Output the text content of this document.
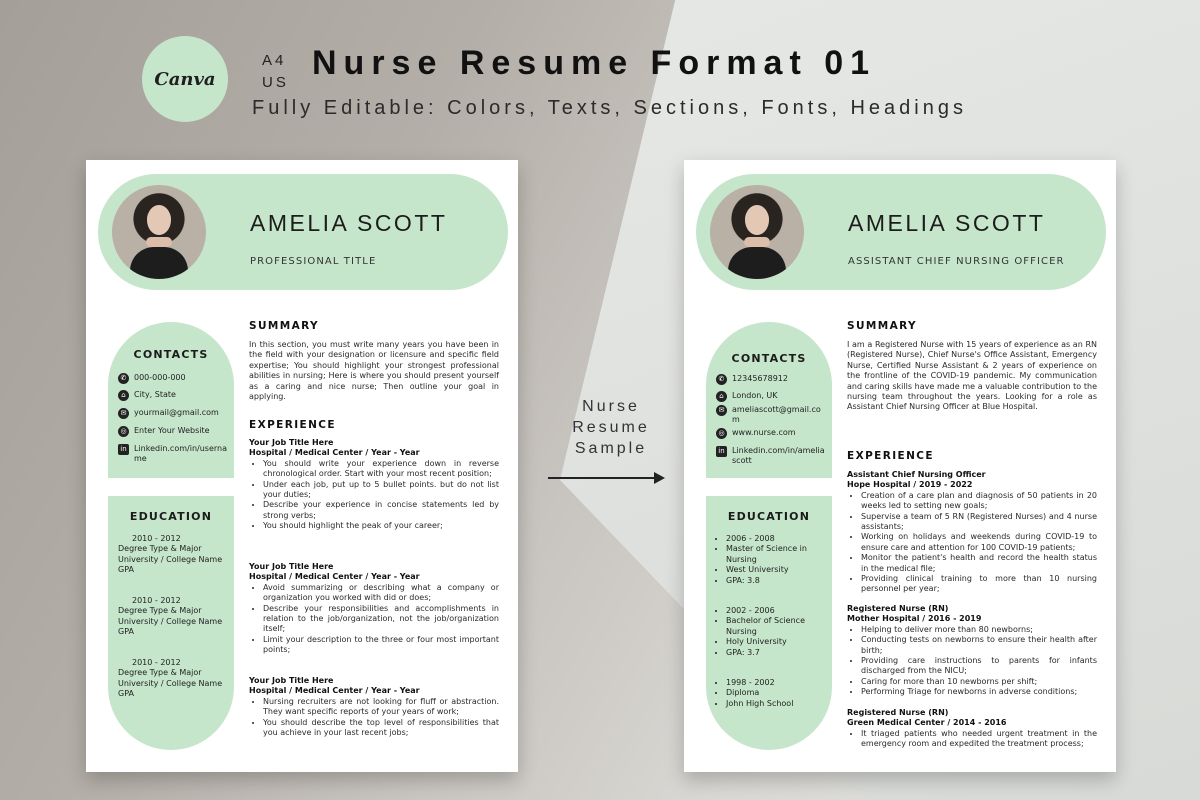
Canva
A4
US
Nurse Resume Format 01
Fully Editable: Colors, Texts, Sections, Fonts, Headings
AMELIA SCOTT
PROFESSIONAL TITLE
CONTACTS
✆ 000-000-000
⌂	City, State
✉ yourmail@gmail.com
◎ Enter Your Website
in Linkedin.com/in/username
EDUCATION
2010 - 2012
Degree Type & Major University / College Name GPA
2010 - 2012
Degree Type & Major University / College Name GPA
2010 - 2012
Degree Type & Major University / College Name GPA
SUMMARY
In this section, you must write many years you have been in the field with your designation or licensure and specific field expertise; You should highlight your strongest professional abilities in nursing; Here is where you should present yourself as a caring and nice nurse; Then outline your goal in applying.
EXPERIENCE
Your Job Title Here
Hospital / Medical Center / Year - Year
• You should write your experience down in reverse chronological order. Start with your most recent position;
• Under each job, put up to 5 bullet points. but do not list your duties;
• Describe your experience in concise statements led by strong verbs;
• You should highlight the peak of your career;
Your Job Title Here
Hospital / Medical Center / Year - Year
• Avoid summarizing or describing what a company or organization you worked with did or does;
• Describe your responsibilities and accomplishments in relation to the job/organization, not the job/organization itself;
• Limit your description to the three or four most important points;
Your Job Title Here
Hospital / Medical Center / Year - Year
• Nursing recruiters are not looking for fluff or abstraction. They want specific reports of your years of work;
• You should describe the top level of responsibilities that you achieve in your last recent jobs;
Nurse
Resume
Sample
AMELIA SCOTT
ASSISTANT CHIEF NURSING OFFICER
CONTACTS
✆ 12345678912
⌂	London, UK
✉ ameliascott@gmail.com
◎ www.nurse.com
in Linkedin.com/in/ameliascott
EDUCATION
• 2006 - 2008
• Master of Science in Nursing
• West University
• GPA: 3.8
• 2002 - 2006
• Bachelor of Science Nursing
• Holy University
• GPA: 3.7
• 1998 - 2002
• Diploma
• John High School
SUMMARY
I am a Registered Nurse with 15 years of experience as an RN (Registered Nurse), Chief Nurse's Office Assistant, Emergency Nurse, Certified Nurse Assistant & 2 years of experience on the frontline of the COVID-19 pandemic. My communication and caring skills have made me a valuable contribution to the nursing team throughout the years. Looking for a role as Assistant Chief Nursing Officer at Blue Hospital.
EXPERIENCE
Assistant Chief Nursing Officer
Hope Hospital / 2019 - 2022
• Creation of a care plan and diagnosis of 50 patients in 20 weeks led to setting new goals;
• Supervise a team of 5 RN (Registered Nurses) and 4 nurse assistants;
• Working on holidays and weekends during COVID-19 to ensure care and attention for 100 COVID-19 patients;
• Monitor the patient's health and record the health status in the medical file;
• Providing clinical training to more than 10 nursing personnel per year;
Registered Nurse (RN)
Mother Hospital / 2016 - 2019
• Helping to deliver more than 80 newborns;
• Conducting tests on newborns to ensure their health after birth;
• Providing care instructions to parents for infants discharged from the NICU;
• Caring for more than 10 newborns per shift;
• Performing Triage for newborns in adverse conditions;
Registered Nurse (RN)
Green Medical Center / 2014 - 2016
• It triaged patients who needed urgent treatment in the emergency room and expedited the treatment process;
